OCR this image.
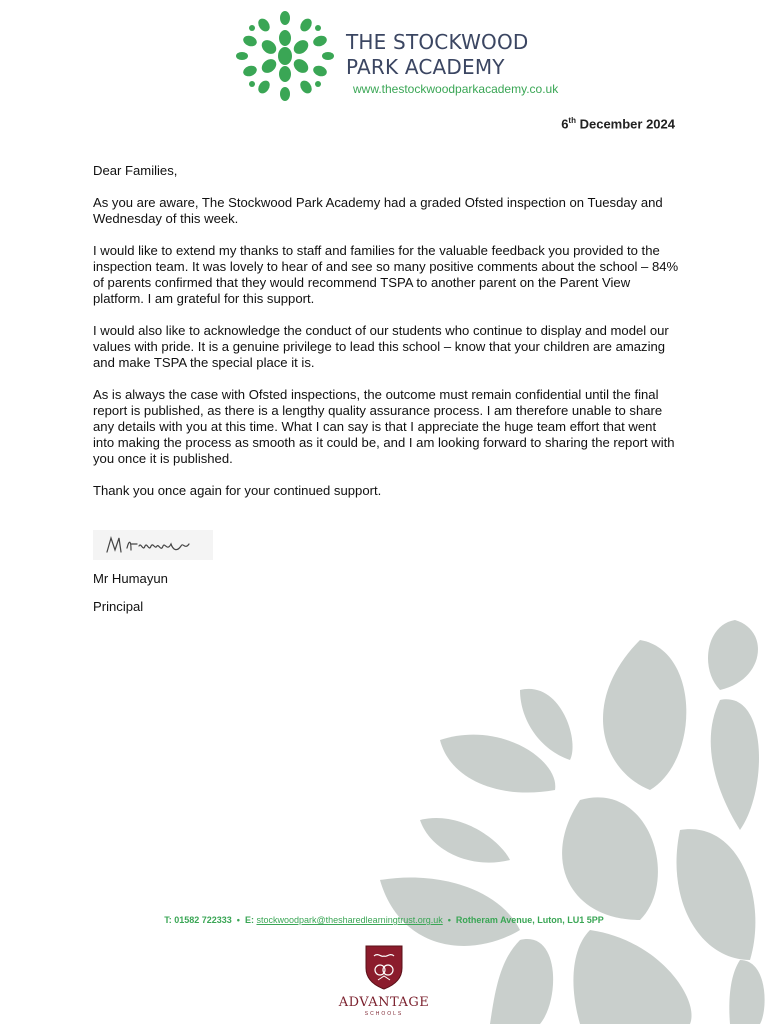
THE STOCKWOOD
PARK ACADEMY
www.thestockwoodparkacademy.co.uk
6th December 2024

Dear Families,

As you are aware, The Stockwood Park Academy had a graded Ofsted inspection on Tuesday and Wednesday of this week.

I would like to extend my thanks to staff and families for the valuable feedback you provided to the inspection team. It was lovely to hear of and see so many positive comments about the school – 84% of parents confirmed that they would recommend TSPA to another parent on the Parent View platform. I am grateful for this support.

I would also like to acknowledge the conduct of our students who continue to display and model our values with pride. It is a genuine privilege to lead this school – know that your children are amazing and make TSPA the special place it is.

As is always the case with Ofsted inspections, the outcome must remain confidential until the final report is published, as there is a lengthy quality assurance process. I am therefore unable to share any details with you at this time. What I can say is that I appreciate the huge team effort that went into making the process as smooth as it could be, and I am looking forward to sharing the report with you once it is published.

Thank you once again for your continued support.

Mr Humayun
Principal
T: 01582 722333  •  E: stockwoodpark@thesharedlearningtrust.org.uk  •  Rotheram Avenue, Luton, LU1 5PP
ADVANTAGE
SCHOOLS
